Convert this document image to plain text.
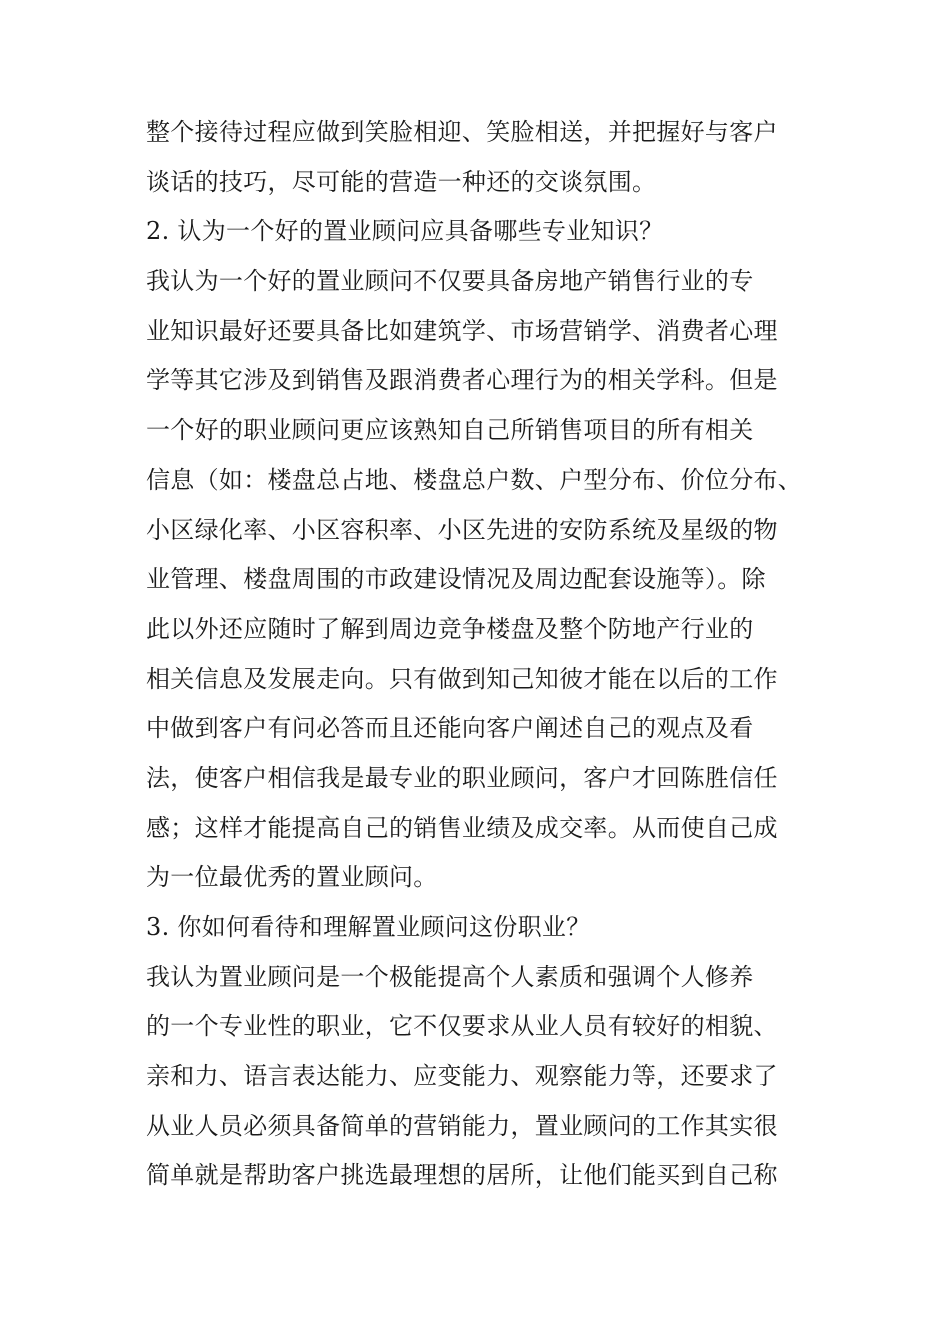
整个接待过程应做到笑脸相迎、笑脸相送，并把握好与客户
谈话的技巧，尽可能的营造一种还的交谈氛围。
2. 认为一个好的置业顾问应具备哪些专业知识？
我认为一个好的置业顾问不仅要具备房地产销售行业的专
业知识最好还要具备比如建筑学、市场营销学、消费者心理
学等其它涉及到销售及跟消费者心理行为的相关学科。但是
一个好的职业顾问更应该熟知自己所销售项目的所有相关
信息（如：楼盘总占地、楼盘总户数、户型分布、价位分布、
小区绿化率、小区容积率、小区先进的安防系统及星级的物
业管理、楼盘周围的市政建设情况及周边配套设施等）。除
此以外还应随时了解到周边竞争楼盘及整个防地产行业的
相关信息及发展走向。只有做到知己知彼才能在以后的工作
中做到客户有问必答而且还能向客户阐述自己的观点及看
法，使客户相信我是最专业的职业顾问，客户才回陈胜信任
感；这样才能提高自己的销售业绩及成交率。从而使自己成
为一位最优秀的置业顾问。
3. 你如何看待和理解置业顾问这份职业？
我认为置业顾问是一个极能提高个人素质和强调个人修养
的一个专业性的职业，它不仅要求从业人员有较好的相貌、
亲和力、语言表达能力、应变能力、观察能力等，还要求了
从业人员必须具备简单的营销能力，置业顾问的工作其实很
简单就是帮助客户挑选最理想的居所，让他们能买到自己称
